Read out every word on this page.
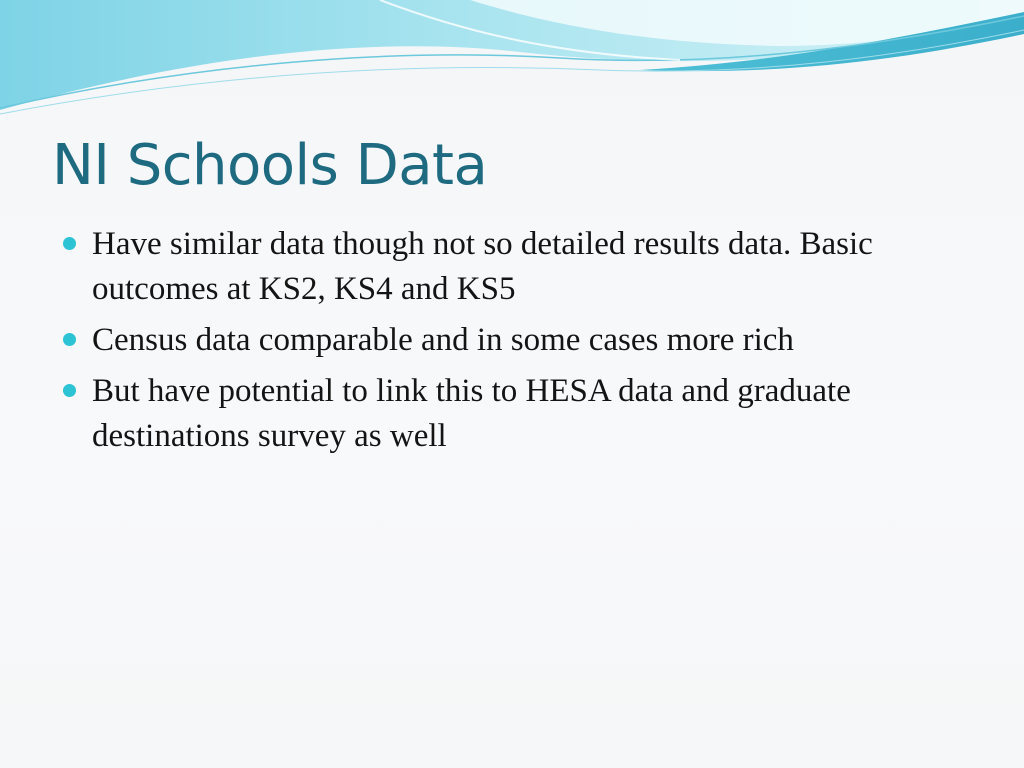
NI Schools Data
Have similar data though not so detailed results data. Basic outcomes at KS2, KS4 and KS5
Census data comparable and in some cases more rich
But have potential to link this to HESA data and graduate destinations survey as well
